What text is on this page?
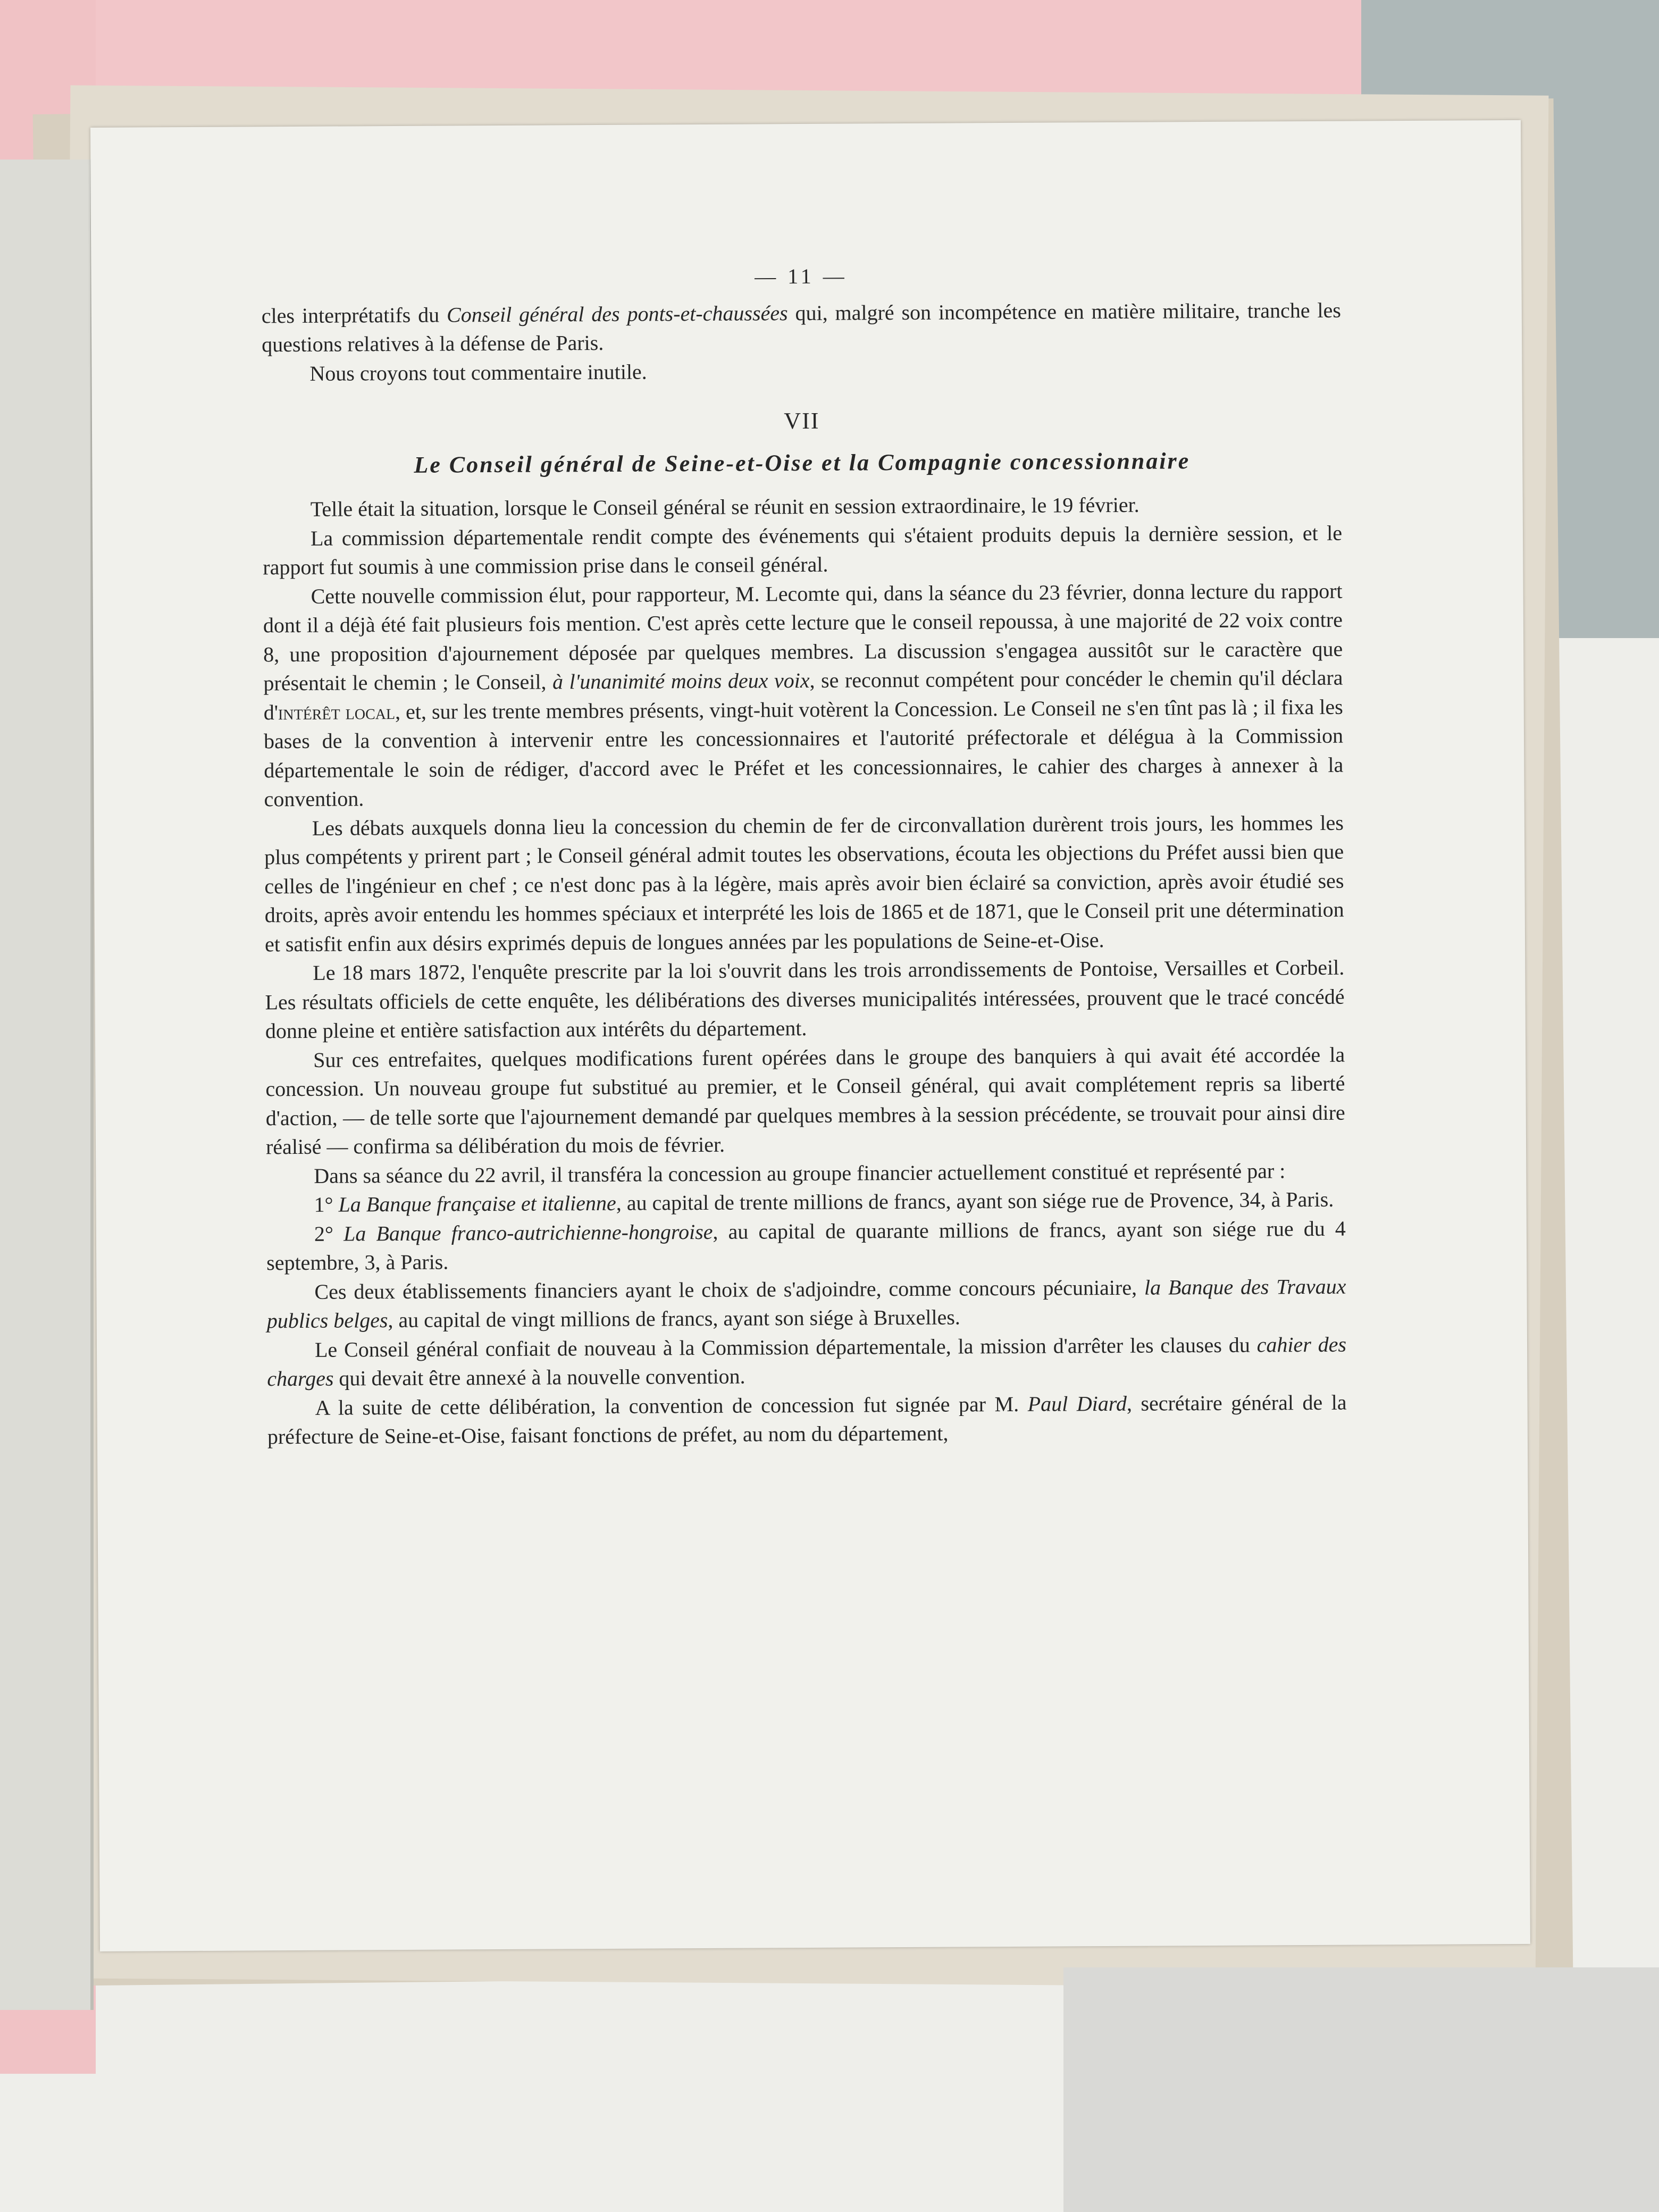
— 11 —

cles interprétatifs du Conseil général des ponts-et-chaussées qui, malgré son incompétence en matière militaire, tranche les questions relatives à la défense de Paris.

Nous croyons tout commentaire inutile.

VII
Le Conseil général de Seine-et-Oise et la Compagnie concessionnaire

Telle était la situation, lorsque le Conseil général se réunit en session extraordinaire, le 19 février.

La commission départementale rendit compte des événements qui s'étaient produits depuis la dernière session, et le rapport fut soumis à une commission prise dans le conseil général.

Cette nouvelle commission élut, pour rapporteur, M. Lecomte qui, dans la séance du 23 février, donna lecture du rapport dont il a déjà été fait plusieurs fois mention. C'est après cette lecture que le conseil repoussa, à une majorité de 22 voix contre 8, une proposition d'ajournement déposée par quelques membres. La discussion s'engagea aussitôt sur le caractère que présentait le chemin ; le Conseil, à l'unanimité moins deux voix, se reconnut compétent pour concéder le chemin qu'il déclara d'intérêt local, et, sur les trente membres présents, vingt-huit votèrent la Concession. Le Conseil ne s'en tînt pas là ; il fixa les bases de la convention à intervenir entre les concessionnaires et l'autorité préfectorale et délégua à la Commission départementale le soin de rédiger, d'accord avec le Préfet et les concessionnaires, le cahier des charges à annexer à la convention.

Les débats auxquels donna lieu la concession du chemin de fer de circonvallation durèrent trois jours, les hommes les plus compétents y prirent part ; le Conseil général admit toutes les observations, écouta les objections du Préfet aussi bien que celles de l'ingénieur en chef ; ce n'est donc pas à la légère, mais après avoir bien éclairé sa conviction, après avoir étudié ses droits, après avoir entendu les hommes spéciaux et interprété les lois de 1865 et de 1871, que le Conseil prit une détermination et satisfit enfin aux désirs exprimés depuis de longues années par les populations de Seine-et-Oise.

Le 18 mars 1872, l'enquête prescrite par la loi s'ouvrit dans les trois arrondissements de Pontoise, Versailles et Corbeil. Les résultats officiels de cette enquête, les délibérations des diverses municipalités intéressées, prouvent que le tracé concédé donne pleine et entière satisfaction aux intérêts du département.

Sur ces entrefaites, quelques modifications furent opérées dans le groupe des banquiers à qui avait été accordée la concession. Un nouveau groupe fut substitué au premier, et le Conseil général, qui avait complétement repris sa liberté d'action, — de telle sorte que l'ajournement demandé par quelques membres à la session précédente, se trouvait pour ainsi dire réalisé — confirma sa délibération du mois de février.

Dans sa séance du 22 avril, il transféra la concession au groupe financier actuellement constitué et représenté par :

1° La Banque française et italienne, au capital de trente millions de francs, ayant son siége rue de Provence, 34, à Paris.

2° La Banque franco-autrichienne-hongroise, au capital de quarante millions de francs, ayant son siége rue du 4 septembre, 3, à Paris.

Ces deux établissements financiers ayant le choix de s'adjoindre, comme concours pécuniaire, la Banque des Travaux publics belges, au capital de vingt millions de francs, ayant son siége à Bruxelles.

Le Conseil général confiait de nouveau à la Commission départementale, la mission d'arrêter les clauses du cahier des charges qui devait être annexé à la nouvelle convention.

A la suite de cette délibération, la convention de concession fut signée par M. Paul Diard, secrétaire général de la préfecture de Seine-et-Oise, faisant fonctions de préfet, au nom du département,
